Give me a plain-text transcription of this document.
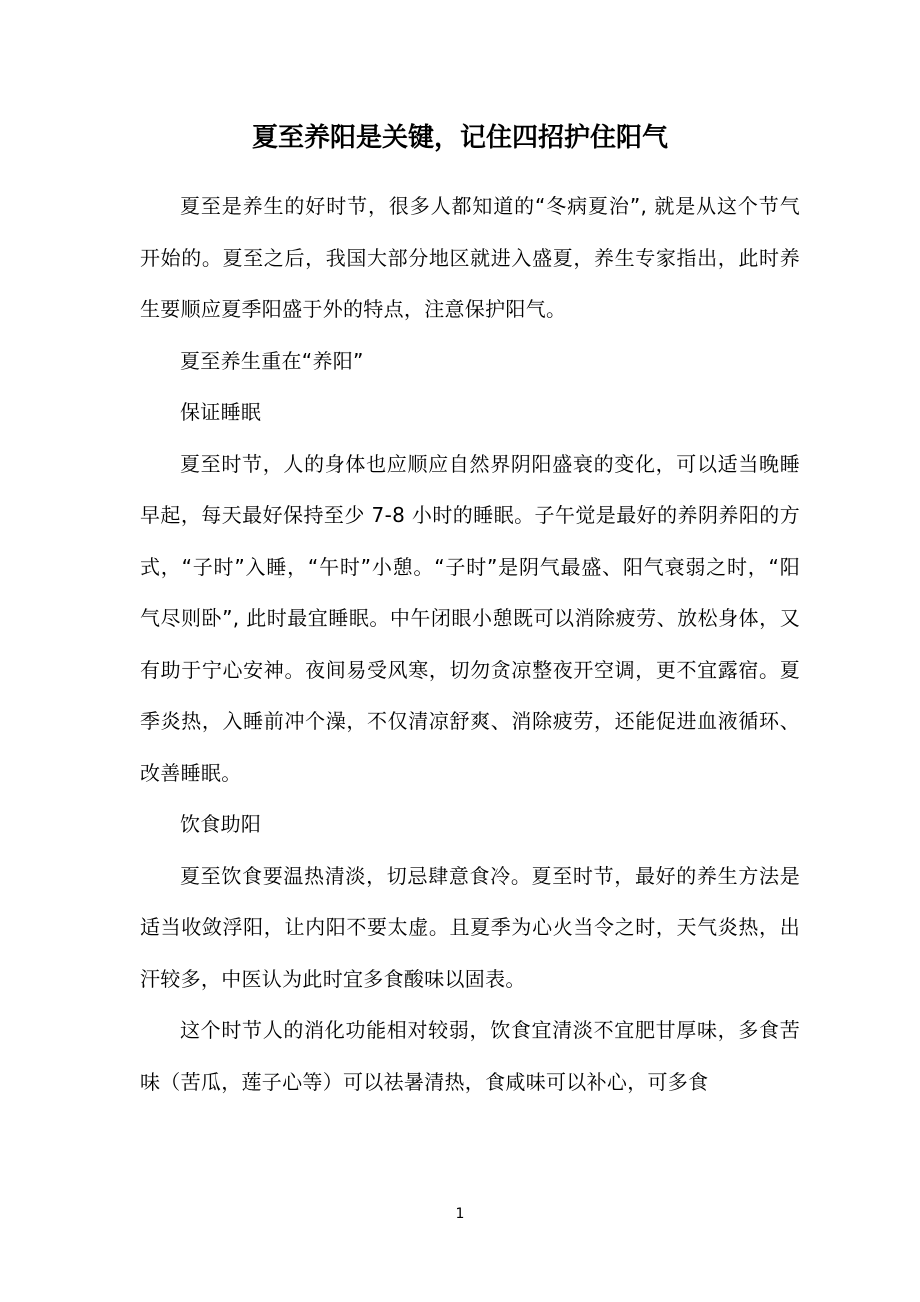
夏至养阳是关键，记住四招护住阳气

夏至是养生的好时节，很多人都知道的“冬病夏治”, 就是从这个节气开始的。夏至之后，我国大部分地区就进入盛夏，养生专家指出，此时养生要顺应夏季阳盛于外的特点，注意保护阳气。

夏至养生重在“养阳”

保证睡眠

夏至时节，人的身体也应顺应自然界阴阳盛衰的变化，可以适当晚睡早起，每天最好保持至少 7-8 小时的睡眠。子午觉是最好的养阴养阳的方式，“子时”入睡，“午时”小憩。“子时”是阴气最盛、阳气衰弱之时，“阳气尽则卧”, 此时最宜睡眠。中午闭眼小憩既可以消除疲劳、放松身体，又有助于宁心安神。夜间易受风寒，切勿贪凉整夜开空调，更不宜露宿。夏季炎热，入睡前冲个澡，不仅清凉舒爽、消除疲劳，还能促进血液循环、改善睡眠。

饮食助阳

夏至饮食要温热清淡，切忌肆意食冷。夏至时节，最好的养生方法是适当收敛浮阳，让内阳不要太虚。且夏季为心火当令之时，天气炎热，出汗较多，中医认为此时宜多食酸味以固表。

这个时节人的消化功能相对较弱，饮食宜清淡不宜肥甘厚味，多食苦味（苦瓜，莲子心等）可以祛暑清热，食咸味可以补心，可多食

1
